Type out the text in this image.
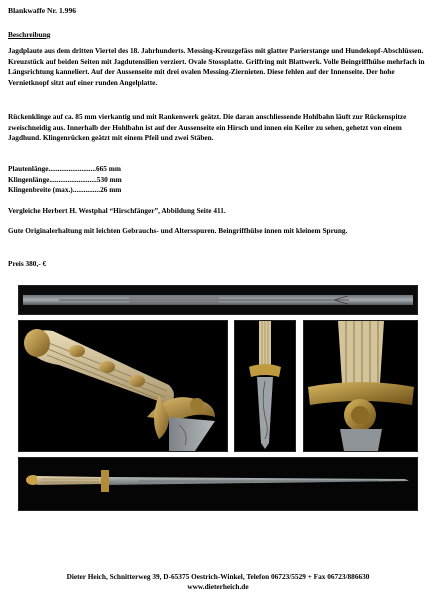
Blankwaffe Nr. 1.996
Beschreibung

Jagdplaute aus dem dritten Viertel des 18. Jahrhunderts. Messing-Kreuzgefäss mit glatter Parierstange und Hundekopf-Abschlüssen. Kreuzstück auf beiden Seiten mit Jagdutensilien verziert. Ovale Stossplatte. Griffring mit Blattwerk. Volle Beingriffhülse mehrfach in Längsrichtung kanneliert. Auf der Aussenseite mit drei ovalen Messing-Ziernieten. Diese fehlen auf der Innenseite. Der hohe Vernietknopf sitzt auf einer runden Angelplatte.

Rückenklinge auf ca. 85 mm vierkantig und mit Rankenwerk geätzt. Die daran anschliessende Hohlbahn läuft zur Rückenspitze zweischneidig aus. Innerhalb der Hohlbahn ist auf der Aussenseite ein Hirsch und innen ein Keiler zu sehen, gehetzt von einem Jagdhund. Klingenrücken geätzt mit einem Pfeil und zwei Stäben.

Plautenlänge..........................665 mm
Klingenlänge..........................530 mm
Klingenbreite (max.)...............26 mm

Vergleiche Herbert H. Westphal “Hirschfänger”, Abbildung Seite 411.

Gute Originalerhaltung mit leichten Gebrauchs- und Altersspuren. Beingriffhülse innen mit kleinem Sprung.

Preis 380,- €
Dieter Heich, Schnitterweg 39, D-65375 Oestrich-Winkel, Telefon 06723/5529 + Fax 06723/886630
www.dieterheich.de
